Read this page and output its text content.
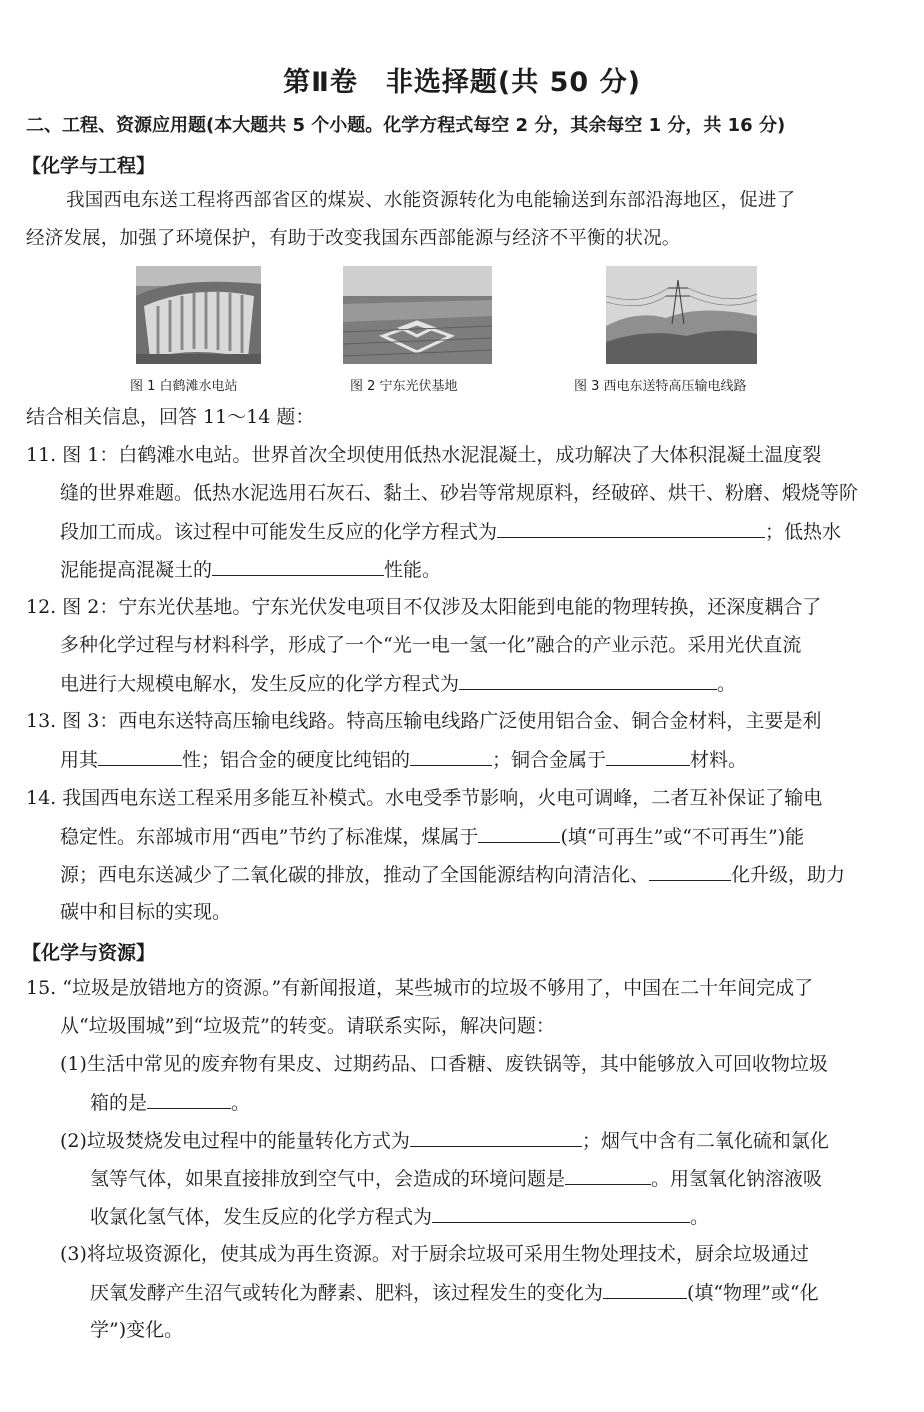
第Ⅱ卷　非选择题(共 50 分)
二、工程、资源应用题(本大题共 5 个小题。化学方程式每空 2 分，其余每空 1 分，共 16 分)
【化学与工程】
我国西电东送工程将西部省区的煤炭、水能资源转化为电能输送到东部沿海地区，促进了
经济发展，加强了环境保护，有助于改变我国东西部能源与经济不平衡的状况。
图 1 白鹤滩水电站	图 2 宁东光伏基地	图 3 西电东送特高压输电线路
结合相关信息，回答 11～14 题：
11. 图 1：白鹤滩水电站。世界首次全坝使用低热水泥混凝土，成功解决了大体积混凝土温度裂
缝的世界难题。低热水泥选用石灰石、黏土、砂岩等常规原料，经破碎、烘干、粉磨、煅烧等阶
段加工而成。该过程中可能发生反应的化学方程式为	；低热水
泥能提高混凝土的	性能。
12. 图 2：宁东光伏基地。宁东光伏发电项目不仅涉及太阳能到电能的物理转换，还深度耦合了
多种化学过程与材料科学，形成了一个“光一电一氢一化”融合的产业示范。采用光伏直流
电进行大规模电解水，发生反应的化学方程式为	。
13. 图 3：西电东送特高压输电线路。特高压输电线路广泛使用铝合金、铜合金材料，主要是利
用其	性；铝合金的硬度比纯铝的	；铜合金属于	材料。
14. 我国西电东送工程采用多能互补模式。水电受季节影响，火电可调峰，二者互补保证了输电
稳定性。东部城市用“西电”节约了标准煤，煤属于	(填“可再生”或“不可再生”)能
源；西电东送减少了二氧化碳的排放，推动了全国能源结构向清洁化、	化升级，助力
碳中和目标的实现。
【化学与资源】
15. “垃圾是放错地方的资源。”有新闻报道，某些城市的垃圾不够用了，中国在二十年间完成了
从“垃圾围城”到“垃圾荒”的转变。请联系实际，解决问题：
(1)生活中常见的废弃物有果皮、过期药品、口香糖、废铁锅等，其中能够放入可回收物垃圾
箱的是	。
(2)垃圾焚烧发电过程中的能量转化方式为	；烟气中含有二氧化硫和氯化
氢等气体，如果直接排放到空气中，会造成的环境问题是	。用氢氧化钠溶液吸
收氯化氢气体，发生反应的化学方程式为	。
(3)将垃圾资源化，使其成为再生资源。对于厨余垃圾可采用生物处理技术，厨余垃圾通过
厌氧发酵产生沼气或转化为酵素、肥料，该过程发生的变化为	(填“物理”或“化
学”)变化。
